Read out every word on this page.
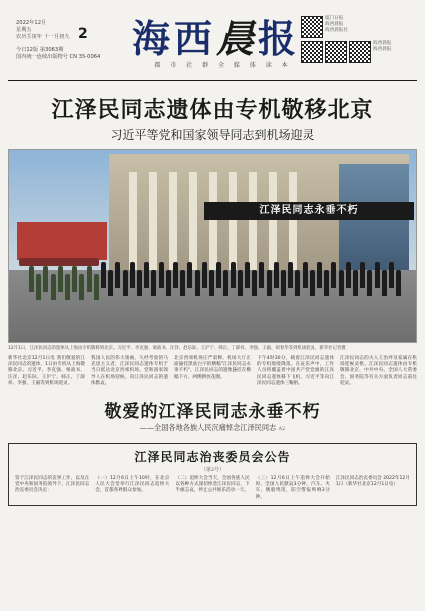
2022年12月
星期五
农历壬寅年 十一月初九
今日12版 第3063期
国内统一连续出版物号 CN 35-0064
2	海西晨报
都 市 社 群 全 媒 体 读 本
厦门日报
海西晨报
海西晨报社
海西晨报
海西晨报
江泽民同志遗体由专机敬移北京
习近平等党和国家领导同志到机场迎灵
江泽民同志永垂不朽
12月1日，江泽民同志的遗体从上海由专机敬移到北京。习近平、李克强、栗战书、汪洋、赵乐际、王沪宁、韩正、丁薛祥、李强、王毅、胡春华等到机场迎灵，新华社记者摄

新华社北京12月1日电 我们敬爱的江泽民同志的遗体，1日由专机从上海敬移北京。习近平、李克强、栗战书、汪洋、赵乐际、王沪宁、韩正、丁薛祥、李强、王毅等到机场迎灵。

我国人民的伟大领袖，久经考验的马克思主义者，江泽民同志遗体专机于当日抵达北京西郊机场。党和国家领导人在机场迎候，向江泽民同志的遗体默哀。

北京西郊机场庄严肃穆，机场大厅正面悬挂黑底白字的横幅"江泽民同志永垂不朽"，江泽民同志的遗像悬挂在横幅下方，两侧摆放花圈。

下午4时30分，载着江泽民同志遗体的专机缓缓降落。在哀乐声中，工作人员将覆盖着中国共产党党旗的江泽民同志遗体移下飞机，习近平等向江泽民同志遗体三鞠躬。

江泽民同志的夫人王冶坪及家属在机场迎候灵柩。江泽民同志遗体由专机敬移北京，中共中央、全国人大常委会、国务院等有关方面负责同志前往迎灵。

敬爱的江泽民同志永垂不朽
——全国各地各族人民沉痛悼念江泽民同志 A2
江泽民同志治丧委员会公告
（第2号）

鉴于江泽民同志的丧事工作，以及在党中央和国务院领导下，江泽民同志治丧委员会决定：

（一）12月6日上午10时，在北京人民大会堂举行江泽民同志追悼大会，首都各界群众参加。

（二）追悼大会当天，全国各族人民以各种方式深切悼念江泽民同志，下半旗志哀，停止公共娱乐活动一天。

（三）12月6日上午追悼大会开始时，全国人民默哀3分钟，汽车、火车、舰船鸣笛，防空警报鸣响3分钟。

江泽民同志治丧委员会 2022年12月1日（新华社北京12月1日电）
